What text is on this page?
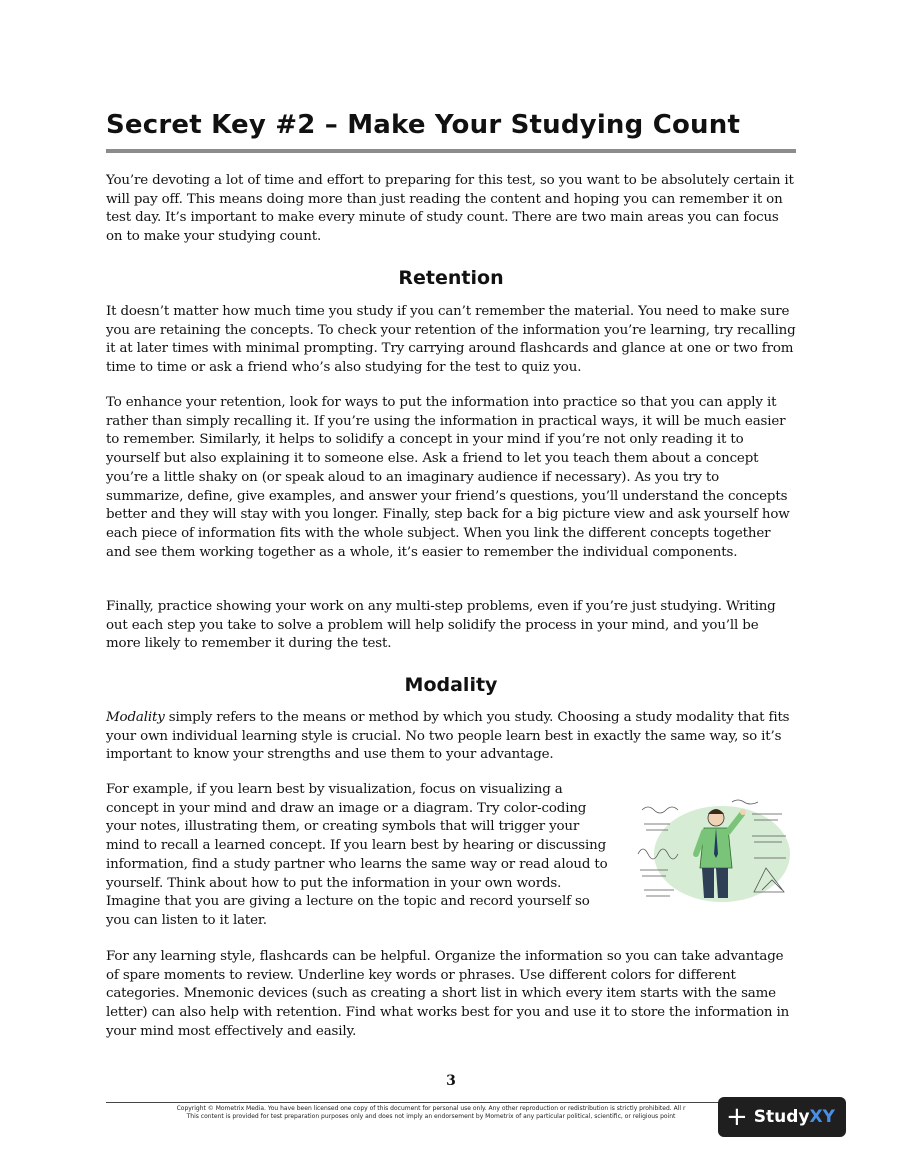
Secret Key #2 – Make Your Studying Count

You’re devoting a lot of time and effort to preparing for this test, so you want to be absolutely certain it will pay off. This means doing more than just reading the content and hoping you can remember it on test day. It’s important to make every minute of study count. There are two main areas you can focus on to make your studying count.

Retention

It doesn’t matter how much time you study if you can’t remember the material. You need to make sure you are retaining the concepts. To check your retention of the information you’re learning, try recalling it at later times with minimal prompting. Try carrying around flashcards and glance at one or two from time to time or ask a friend who’s also studying for the test to quiz you.

To enhance your retention, look for ways to put the information into practice so that you can apply it rather than simply recalling it. If you’re using the information in practical ways, it will be much easier to remember. Similarly, it helps to solidify a concept in your mind if you’re not only reading it to yourself but also explaining it to someone else. Ask a friend to let you teach them about a concept you’re a little shaky on (or speak aloud to an imaginary audience if necessary). As you try to summarize, define, give examples, and answer your friend’s questions, you’ll understand the concepts better and they will stay with you longer. Finally, step back for a big picture view and ask yourself how each piece of information fits with the whole subject. When you link the different concepts together and see them working together as a whole, it’s easier to remember the individual components.

Finally, practice showing your work on any multi-step problems, even if you’re just studying. Writing out each step you take to solve a problem will help solidify the process in your mind, and you’ll be more likely to remember it during the test.

Modality

Modality simply refers to the means or method by which you study. Choosing a study modality that fits your own individual learning style is crucial. No two people learn best in exactly the same way, so it’s important to know your strengths and use them to your advantage.

For example, if you learn best by visualization, focus on visualizing a concept in your mind and draw an image or a diagram. Try color-coding your notes, illustrating them, or creating symbols that will trigger your mind to recall a learned concept. If you learn best by hearing or discussing information, find a study partner who learns the same way or read aloud to yourself. Think about how to put the information in your own words. Imagine that you are giving a lecture on the topic and record yourself so you can listen to it later.

For any learning style, flashcards can be helpful. Organize the information so you can take advantage of spare moments to review. Underline key words or phrases. Use different colors for different categories. Mnemonic devices (such as creating a short list in which every item starts with the same letter) can also help with retention. Find what works best for you and use it to store the information in your mind most effectively and easily.

3
Copyright © Mometrix Media. You have been licensed one copy of this document for personal use only. Any other reproduction or redistribution is strictly prohibited. All r
This content is provided for test preparation purposes only and does not imply an endorsement by Mometrix of any particular political, scientific, or religious point	+ Study XY
